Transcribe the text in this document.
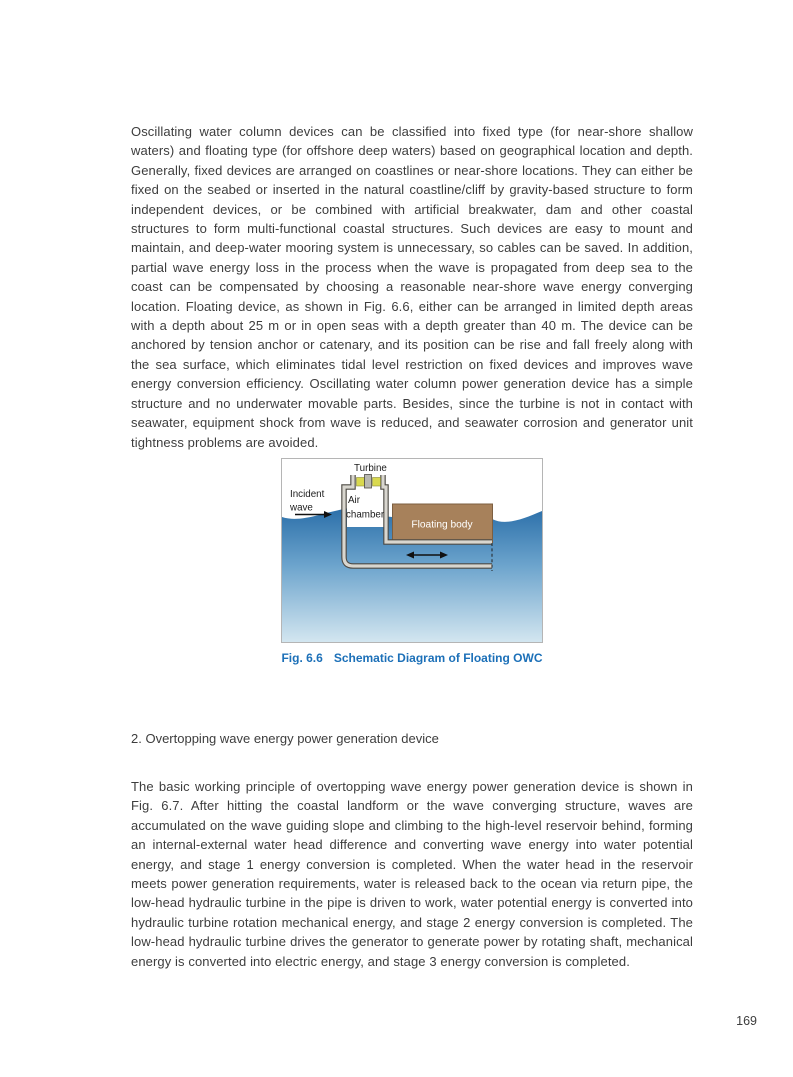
Oscillating water column devices can be classified into fixed type (for near-shore shallow waters) and floating type (for offshore deep waters) based on geographical location and depth. Generally, fixed devices are arranged on coastlines or near-shore locations. They can either be fixed on the seabed or inserted in the natural coastline/cliff by gravity-based structure to form independent devices, or be combined with artificial breakwater, dam and other coastal structures to form multi-functional coastal structures. Such devices are easy to mount and maintain, and deep-water mooring system is unnecessary, so cables can be saved. In addition, partial wave energy loss in the process when the wave is propagated from deep sea to the coast can be compensated by choosing a reasonable near-shore wave energy converging location. Floating device, as shown in Fig. 6.6, either can be arranged in limited depth areas with a depth about 25 m or in open seas with a depth greater than 40 m. The device can be anchored by tension anchor or catenary, and its position can be rise and fall freely along with the sea surface, which eliminates tidal level restriction on fixed devices and improves wave energy conversion efficiency. Oscillating water column power generation device has a simple structure and no underwater movable parts. Besides, since the turbine is not in contact with seawater, equipment shock from wave is reduced, and seawater corrosion and generator unit tightness problems are avoided.

Turbine
Incident
wave
Air
chamber
Floating body
Fig. 6.6 Schematic Diagram of Floating OWC
2. Overtopping wave energy power generation device

The basic working principle of overtopping wave energy power generation device is shown in Fig. 6.7. After hitting the coastal landform or the wave converging structure, waves are accumulated on the wave guiding slope and climbing to the high-level reservoir behind, forming an internal-external water head difference and converting wave energy into water potential energy, and stage 1 energy conversion is completed. When the water head in the reservoir meets power generation requirements, water is released back to the ocean via return pipe, the low-head hydraulic turbine in the pipe is driven to work, water potential energy is converted into hydraulic turbine rotation mechanical energy, and stage 2 energy conversion is completed. The low-head hydraulic turbine drives the generator to generate power by rotating shaft, mechanical energy is converted into electric energy, and stage 3 energy conversion is completed.

169
